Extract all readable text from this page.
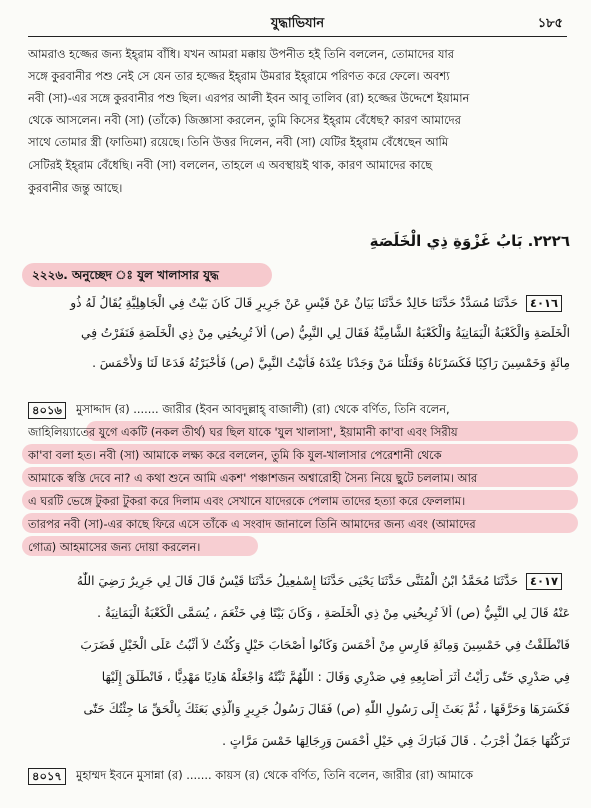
যুদ্ধাভিযান	১৮৫
আমরাও হজ্জের জন্য ইহ্‌রাম বাঁধি। যখন আমরা মক্কায় উপনীত হই তিনি বললেন, তোমাদের যার
সঙ্গে কুরবানীর পশু নেই সে যেন তার হজ্জের ইহ্‌রাম উমরার ইহ্‌রামে পরিণত করে ফেলে। অবশ্য
নবী (সা)-এর সঙ্গে কুরবানীর পশু ছিল। এরপর আলী ইবন আবূ তালিব (রা) হজ্জের উদ্দেশে ইয়ামান
থেকে আসলেন। নবী (সা) (তাঁকে) জিজ্ঞাসা করলেন, তুমি কিসের ইহ্‌রাম বেঁধেছ? কারণ আমাদের
সাথে তোমার স্ত্রী (ফাতিমা) রয়েছে। তিনি উত্তর দিলেন, নবী (সা) যেটির ইহ্‌রাম বেঁধেছেন আমি
সেটিরই ইহ্‌রাম বেঁধেছি। নবী (সা) বললেন, তাহলে এ অবস্থায়ই থাক, কারণ আমাদের কাছে
কুরবানীর জন্তু আছে।
٢٢٢٦. بَابُ غَزْوَةِ ذِي الْخَلَصَةِ
২২২৬. অনুচ্ছেদ ঃ যুল খালাসার যুদ্ধ
٤٠١٦
حَدَّثَنَا مُسَدَّدٌ حَدَّثَنَا خَالِدٌ حَدَّثَنَا بَيَانٌ عَنْ قَيْسٍ عَنْ جَرِيرٍ قَالَ كَانَ بَيْتٌ فِي الْجَاهِلِيَّةِ يُقَالُ لَهُ ذُو
الْخَلَصَةِ وَالْكَعْبَةُ الْيَمَانِيَةُ وَالْكَعْبَةُ الشَّامِيَّةُ فَقَالَ لِي النَّبِيُّ (ص) أَلاَ تُرِيحُنِي مِنْ ذِي الْخَلَصَةِ فَنَفَرْتُ فِي
مِائَةٍ وَخَمْسِينَ رَاكِبًا فَكَسَرْنَاهُ وَقَتَلْنَا مَنْ وَجَدْنَا عِنْدَهُ فَأَتَيْتُ النَّبِيَّ (ص) فَأَخْبَرْتُهُ فَدَعَا لَنَا وَلأَحْمَسَ .
৪০১৬	মুসাদ্দাদ (র) ....... জারীর (ইবন আবদুল্লাহ্‌ বাজালী) (রা) থেকে বর্ণিত, তিনি বলেন,
জাহিলিয়্যাতের যুগে একটি (নকল তীর্থ) ঘর ছিল যাকে 'যুল খালাসা', ইয়ামানী কা'বা এবং সিরীয়
কা'বা বলা হত। নবী (সা) আমাকে লক্ষ্য করে বললেন, তুমি কি যুল-খালাসার পেরেশানী থেকে
আমাকে স্বস্তি দেবে না? এ কথা শুনে আমি একশ' পঞ্চাশজন অশ্বারোহী সৈন্য নিয়ে ছুটে চললাম। আর
এ ঘরটি ভেঙ্গে টুকরা টুকরা করে দিলাম এবং সেখানে যাদেরকে পেলাম তাদের হত্যা করে ফেললাম।
তারপর নবী (সা)-এর কাছে ফিরে এসে তাঁকে এ সংবাদ জানালে তিনি আমাদের জন্য এবং (আমাদের
গোত্র) আহমাসের জন্য দোয়া করলেন।
٤٠١٧
حَدَّثَنَا مُحَمَّدُ ابْنُ الْمُثَنَّى حَدَّثَنَا يَحْيَى حَدَّثَنَا إِسْمٰعِيلُ حَدَّثَنَا قَيْسٌ قَالَ قَالَ لِي جَرِيرٌ رَضِيَ اللّٰهُ
عَنْهُ قَالَ لِي النَّبِيُّ (ص) أَلاَ تُرِيحُنِي مِنْ ذِي الْخَلَصَةِ ، وَكَانَ بَيْتًا فِي خَثْعَمَ ، يُسَمَّى الْكَعْبَةُ الْيَمَانِيَةُ .
فَانْطَلَقْتُ فِي خَمْسِينَ وَمِائَةِ فَارِسٍ مِنْ أَحْمَسَ وَكَانُوا أَصْحَابَ خَيْلٍ وَكُنْتُ لاَ أَثْبُتُ عَلَى الْخَيْلِ فَضَرَبَ
فِي صَدْرِي حَتّٰى رَأَيْتُ أَثَرَ أَصَابِعِهِ فِي صَدْرِي وَقَالَ : اللّٰهُمَّ ثَبِّتْهُ وَاجْعَلْهُ هَادِيًا مَهْدِيًّا ، فَانْطَلَقَ إِلَيْهَا
فَكَسَرَهَا وَحَرَّقَهَا ، ثُمَّ بَعَثَ إِلَى رَسُولِ اللّٰهِ (ص) فَقَالَ رَسُولُ جَرِيرٍ وَالَّذِي بَعَثَكَ بِالْحَقِّ مَا جِئْتُكَ حَتّٰى
تَرَكْتُهَا جَمَلٌ أَجْرَبُ . قَالَ فَبَارَكَ فِي خَيْلِ أَحْمَسَ وَرِجَالِهَا خَمْسَ مَرَّاتٍ .
৪০১৭	মুহাম্মদ ইবনে মুসান্না (র) ....... কায়স (র) থেকে বর্ণিত, তিনি বলেন, জারীর (রা) আমাকে
